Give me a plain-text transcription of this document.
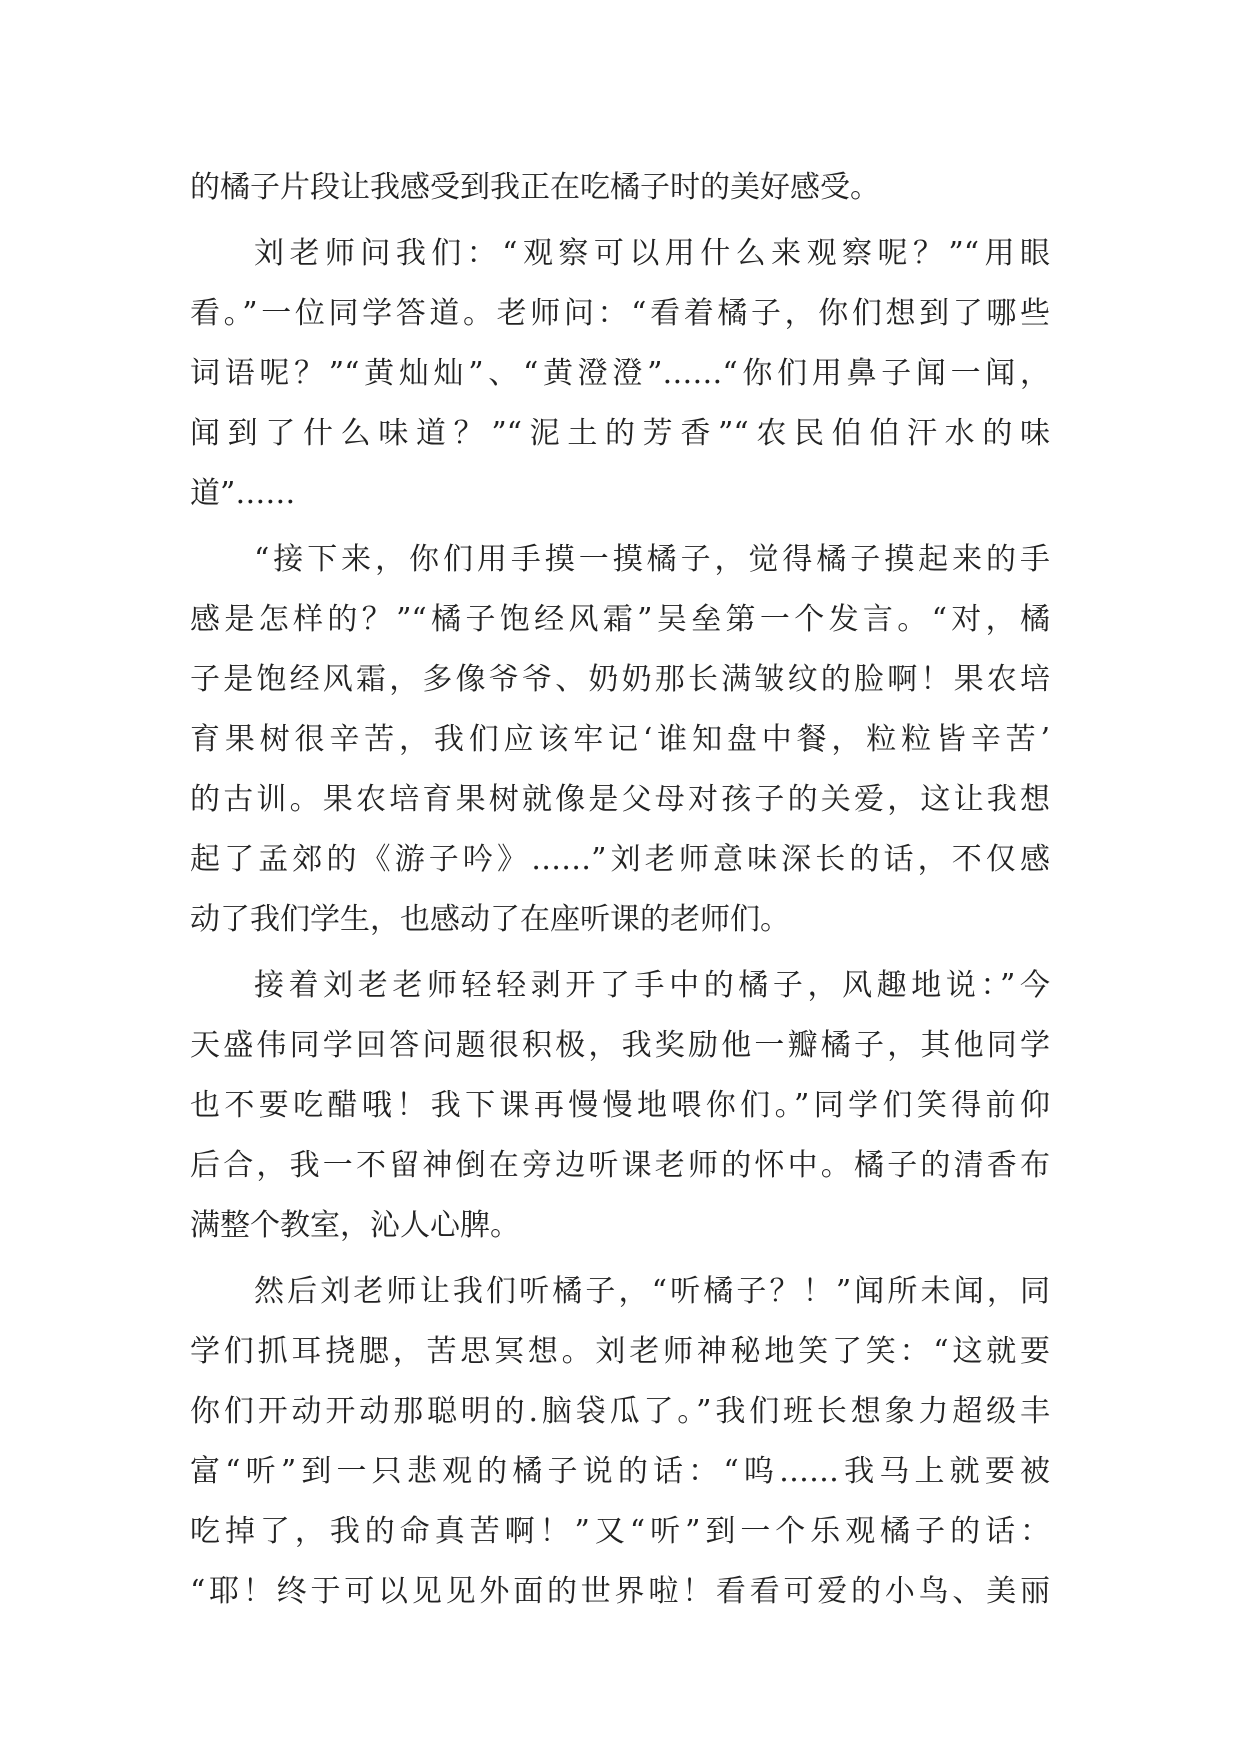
的橘子片段让我感受到我正在吃橘子时的美好感受。
刘老师问我们：“观察可以用什么来观察呢？”“用眼
看。”一位同学答道。老师问：“看着橘子，你们想到了哪些
词语呢？”“黄灿灿”、“黄澄澄”……“你们用鼻子闻一闻，
闻到了什么味道？”“泥土的芳香”“农民伯伯汗水的味
道”……
“接下来，你们用手摸一摸橘子，觉得橘子摸起来的手
感是怎样的？”“橘子饱经风霜”吴垒第一个发言。“对，橘
子是饱经风霜，多像爷爷、奶奶那长满皱纹的脸啊！果农培
育果树很辛苦，我们应该牢记‘谁知盘中餐，粒粒皆辛苦’
的古训。果农培育果树就像是父母对孩子的关爱，这让我想
起了孟郊的《游子吟》……”刘老师意味深长的话，不仅感
动了我们学生，也感动了在座听课的老师们。
接着刘老老师轻轻剥开了手中的橘子，风趣地说：”今
天盛伟同学回答问题很积极，我奖励他一瓣橘子，其他同学
也不要吃醋哦！我下课再慢慢地喂你们。”同学们笑得前仰
后合，我一不留神倒在旁边听课老师的怀中。橘子的清香布
满整个教室，沁人心脾。
然后刘老师让我们听橘子，“听橘子？！”闻所未闻，同
学们抓耳挠腮，苦思冥想。刘老师神秘地笑了笑：“这就要
你们开动开动那聪明的.脑袋瓜了。”我们班长想象力超级丰
富“听”到一只悲观的橘子说的话：“呜……我马上就要被
吃掉了，我的命真苦啊！”又“听”到一个乐观橘子的话：
“耶！终于可以见见外面的世界啦！看看可爱的小鸟、美丽
